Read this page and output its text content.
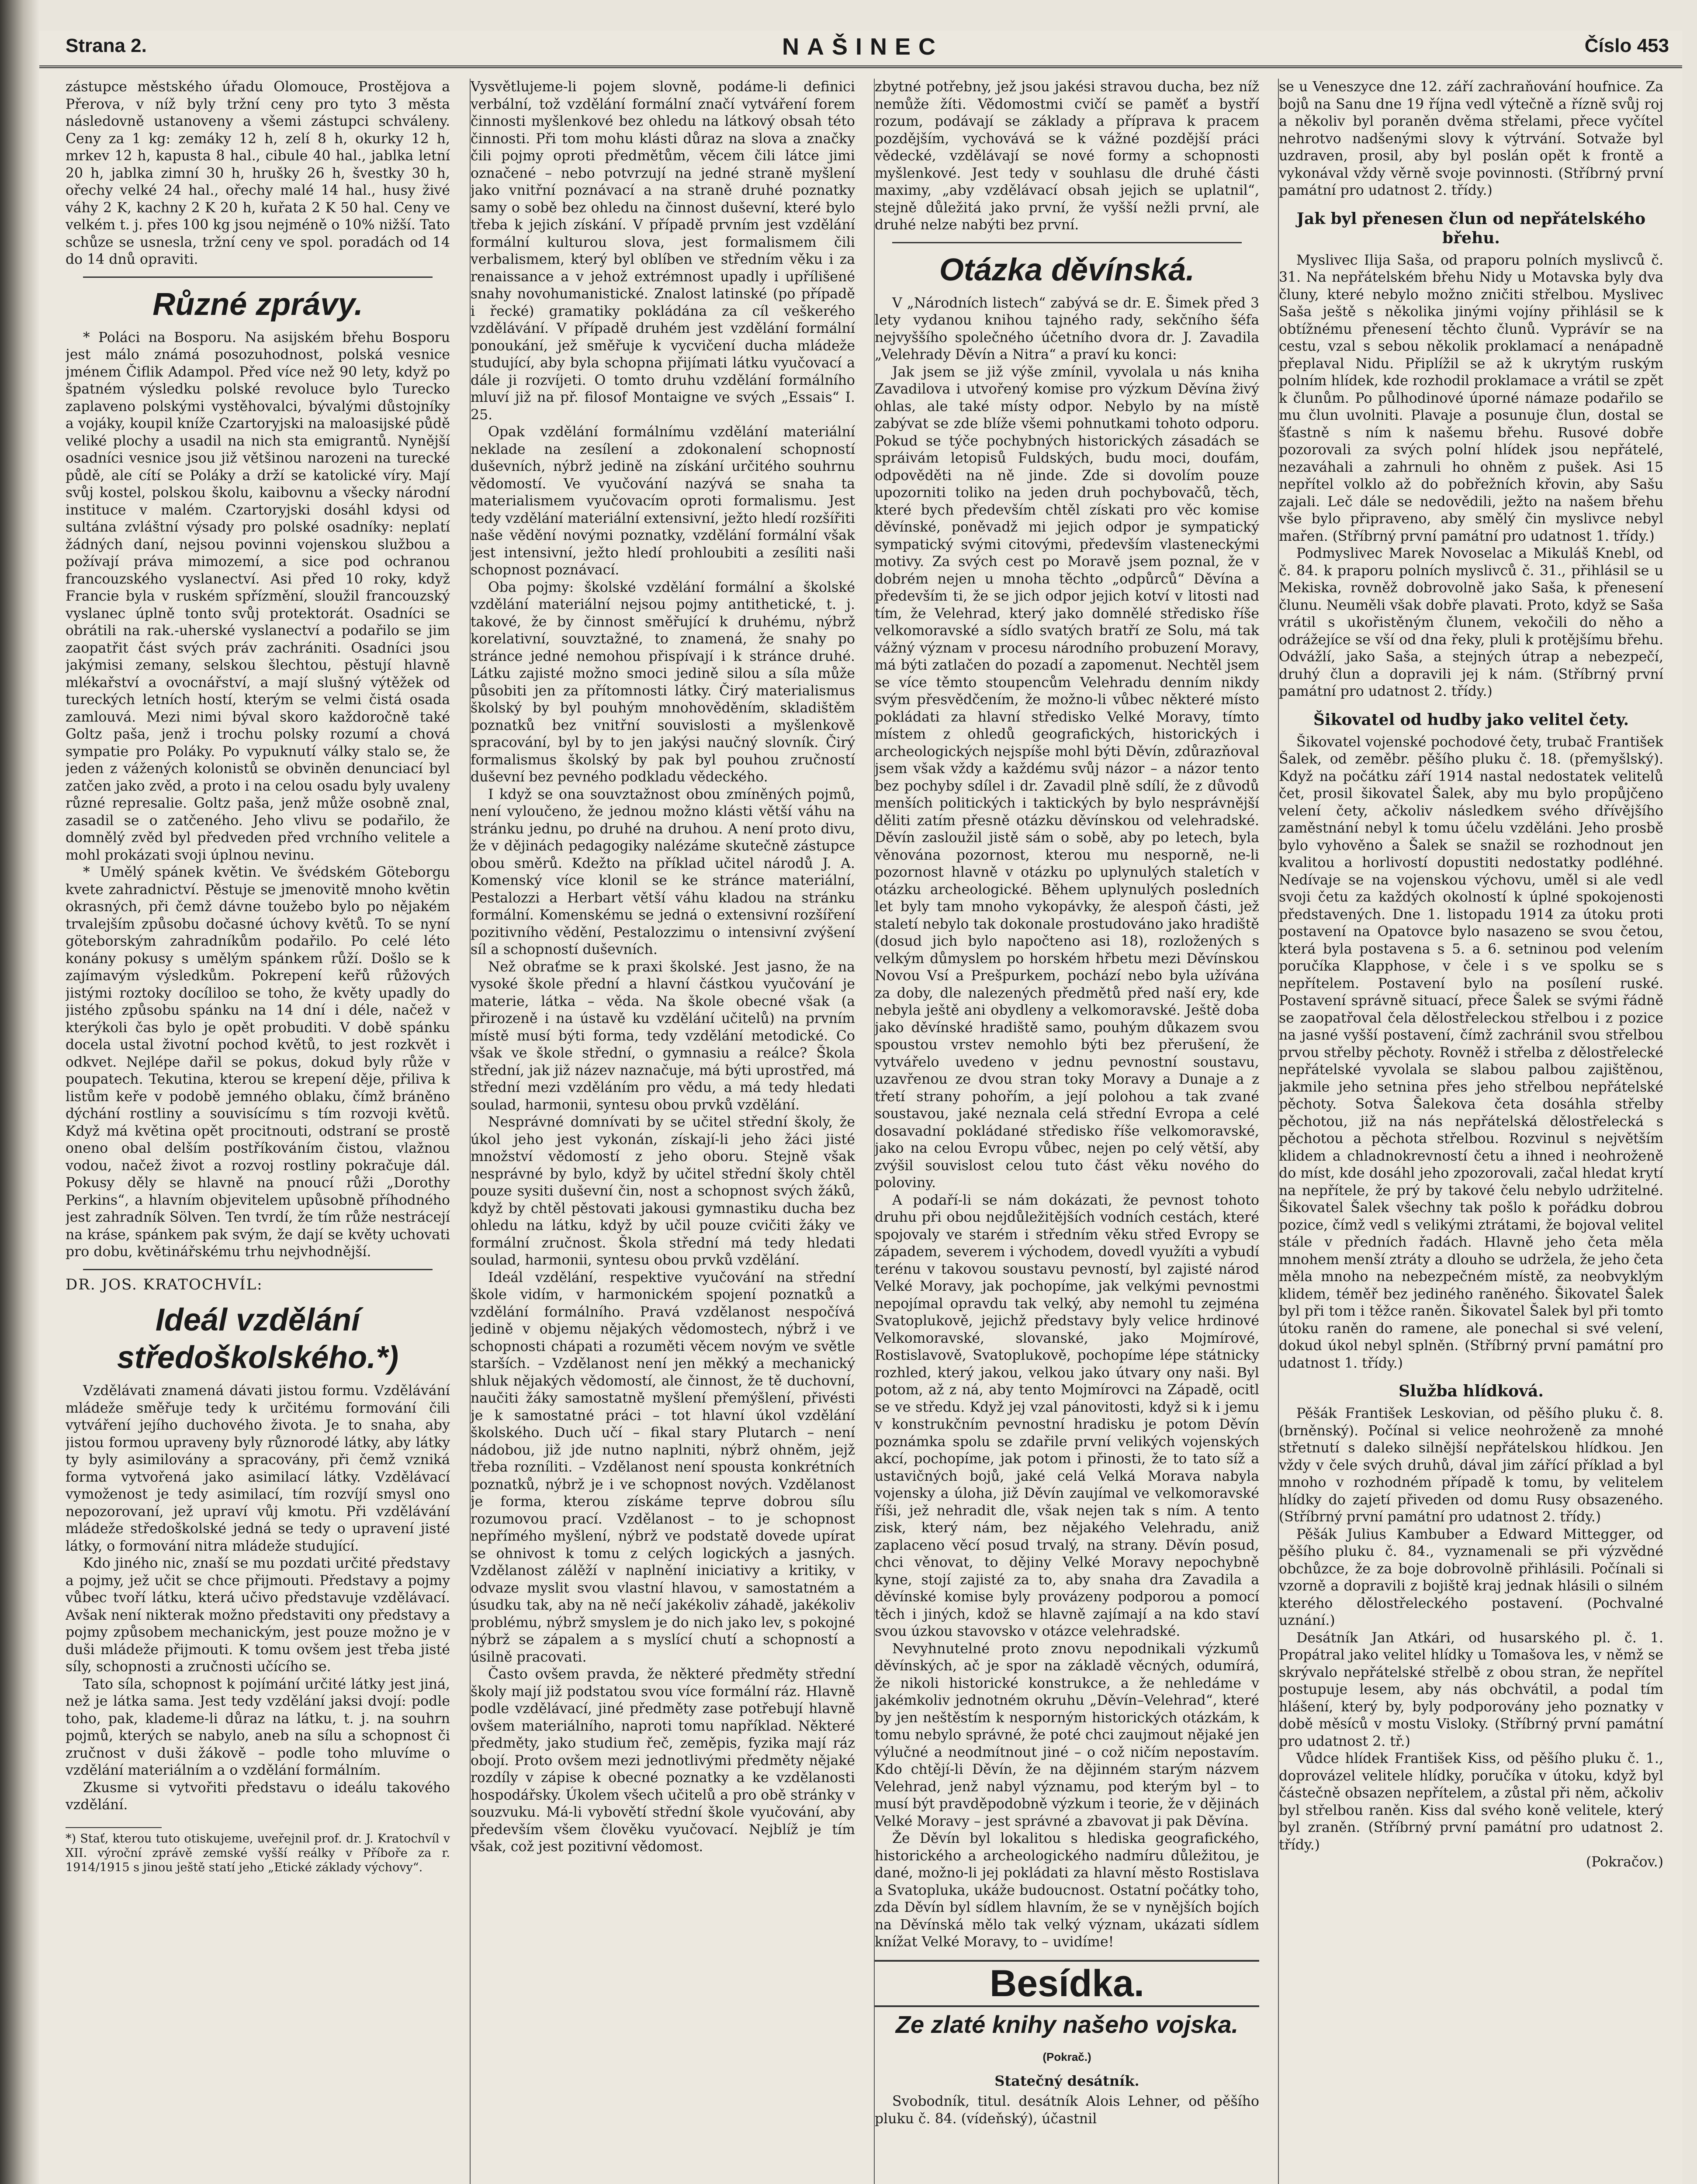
Strana 2.	NAŠINEC	Číslo 453

zástupce městského úřadu Olomouce, Prostějova a Přerova, v níž byly tržní ceny pro tyto 3 města následovně ustanoveny a všemi zástupci schváleny. Ceny za 1 kg: zemáky 12 h, zelí 8 h, okurky 12 h, mrkev 12 h, kapusta 8 hal., cibule 40 hal., jablka letní 20 h, jablka zimní 30 h, hrušky 26 h, švestky 30 h, ořechy velké 24 hal., ořechy malé 14 hal., husy živé váhy 2 K, kachny 2 K 20 h, kuřata 2 K 50 hal. Ceny ve velkém t. j. přes 100 kg jsou nejméně o 10% nižší. Tato schůze se usnesla, tržní ceny ve spol. poradách od 14 do 14 dnů opraviti.

Různé zprávy.

* Poláci na Bosporu. Na asijském břehu Bosporu jest málo známá posozuhodnost, polská vesnice jménem Čiflik Adampol. Před více než 90 lety, když po špatném výsledku polské revoluce bylo Turecko zaplaveno polskými vystěhovalci, bývalými důstojníky a vojáky, koupil kníže Czartoryjski na maloasijské půdě veliké plochy a usadil na nich sta emigrantů. Nynější osadníci vesnice jsou již většinou narozeni na turecké půdě, ale cítí se Poláky a drží se katolické víry. Mají svůj kostel, polskou školu, kaibovnu a všecky národní instituce v malém. Czartoryjski dosáhl kdysi od sultána zvláštní výsady pro polské osadníky: neplatí žádných daní, nejsou povinni vojenskou službou a požívají práva mimozemí, a sice pod ochranou francouzského vyslanectví. Asi před 10 roky, když Francie byla v ruském spřízmění, sloužil francouzský vyslanec úplně tonto svůj protektorát. Osadníci se obrátili na rak.-uherské vyslanectví a podařilo se jim zaopatřit část svých práv zachrániti. Osadníci jsou jakýmisi zemany, selskou šlechtou, pěstují hlavně mlékařství a ovocnářství, a mají slušný výtěžek od tureckých letních hostí, kterým se velmi čistá osada zamlouvá. Mezi nimi býval skoro každoročně také Goltz paša, jenž i trochu polsky rozumí a chová sympatie pro Poláky. Po vypuknutí války stalo se, že jeden z vážených kolonistů se obviněn denunciací byl zatčen jako zvěd, a proto i na celou osadu byly uvaleny různé represalie. Goltz paša, jenž může osobně znal, zasadil se o zatčeného. Jeho vlivu se podařilo, že domnělý zvěd byl předveden před vrchního velitele a mohl prokázati svoji úplnou nevinu.

* Umělý spánek květin. Ve švédském Göteborgu kvete zahradnictví. Pěstuje se jmenovitě mnoho květin okrasných, při čemž dávne toužebo bylo po nějakém trvalejším způsobu dočasné úchovy květů. To se nyní göteborským zahradníkům podařilo. Po celé léto konány pokusy s umělým spánkem růží. Došlo se k zajímavým výsledkům. Pokrepení keřů růžových jistými roztoky docíliloo se toho, že květy upadly do jistého způsobu spánku na 14 dní i déle, načež v kterýkoli čas bylo je opět probuditi. V době spánku docela ustal životní pochod květů, to jest rozkvět i odkvet. Nejlépe dařil se pokus, dokud byly růže v poupatech. Tekutina, kterou se krepení děje, přiliva k listům keře v podobě jemného oblaku, čímž bráněno dýchání rostliny a souvisícímu s tím rozvoji květů. Když má květina opět procitnouti, odstraní se prostě oneno obal delším postříkováním čistou, vlažnou vodou, načež život a rozvoj rostliny pokračuje dál. Pokusy děly se hlavně na pnoucí růži „Dorothy Perkins“, a hlavním objevitelem upůsobně příhodného jest zahradník Sölven. Ten tvrdí, že tím růže nestrácejí na kráse, spánkem pak svým, že dají se květy uchovati pro dobu, květinářskému trhu nejvhodnější.

DR. JOS. KRATOCHVÍL:
Ideál vzdělání středoškolského.*)

Vzdělávati znamená dávati jistou formu. Vzdělávání mládeže směřuje tedy k určitému formování čili vytváření jejího duchového života. Je to snaha, aby jistou formou upraveny byly různorodé látky, aby látky ty byly asimilovány a spracovány, při čemž vzniká forma vytvořená jako asimilací látky. Vzdělávací vymoženost je tedy asimilací, tím rozvíjí smysl ono nepozorovaní, jež upraví vůj kmotu. Při vzdělávání mládeže středoškolské jedná se tedy o upravení jisté látky, o formování nitra mládeže studující.

Kdo jiného nic, znaší se mu pozdati určité představy a pojmy, jež učit se chce přijmouti. Představy a pojmy vůbec tvoří látku, která učivo představuje vzdělávací. Avšak není nikterak možno představiti ony představy a pojmy způsobem mechanickým, jest pouze možno je v duši mládeže přijmouti. K tomu ovšem jest třeba jisté síly, schopnosti a zručnosti učícího se.

Tato síla, schopnost k pojímání určité látky jest jiná, než je látka sama. Jest tedy vzdělání jaksi dvojí: podle toho, pak, klademe-li důraz na látku, t. j. na souhrn pojmů, kterých se nabylo, aneb na sílu a schopnost či zručnost v duši žákově – podle toho mluvíme o vzdělání materiálním a o vzdělání formálním.

Zkusme si vytvořiti představu o ideálu takového vzdělání.

*) Stať, kterou tuto otiskujeme, uveřejnil prof. dr. J. Kratochvíl v XII. výroční zprávě zemské vyšší reálky v Příboře za r. 1914/1915 s jinou ještě statí jeho „Etické základy výchovy“.

Vysvětlujeme-li pojem slovně, podáme-li definici verbální, tož vzdělání formální značí vytváření forem činnosti myšlenkové bez ohledu na látkový obsah této činnosti. Při tom mohu klásti důraz na slova a značky čili pojmy oproti předmětům, věcem čili látce jimi označené – nebo potvrzují na jedné straně myšlení jako vnitřní poznávací a na straně druhé poznatky samy o sobě bez ohledu na činnost duševní, které bylo třeba k jejich získání. V případě prvním jest vzdělání formální kulturou slova, jest formalismem čili verbalismem, který byl oblíben ve středním věku i za renaissance a v jehož extrémnost upadly i upřílišené snahy novohumanistické. Znalost latinské (po případě i řecké) gramatiky pokládána za cíl veškerého vzdělávání. V případě druhém jest vzdělání formální ponoukání, jež směřuje k vycvičení ducha mládeže studující, aby byla schopna přijímati látku vyučovací a dále ji rozvíjeti. O tomto druhu vzdělání formálního mluví již na př. filosof Montaigne ve svých „Essais“ I. 25.

Opak vzdělání formálnímu vzdělání materiální neklade na zesílení a zdokonalení schopností duševních, nýbrž jedině na získání určitého souhrnu vědomostí. Ve vyučování nazývá se snaha ta materialismem vyučovacím oproti formalismu. Jest tedy vzdělání materiální extensivní, ježto hledí rozšířiti naše vědění novými poznatky, vzdělání formální však jest intensivní, ježto hledí prohloubiti a zesíliti naši schopnost poznávací.

Oba pojmy: školské vzdělání formální a školské vzdělání materiální nejsou pojmy antithetické, t. j. takové, že by činnost směřující k druhému, nýbrž korelativní, souvztažné, to znamená, že snahy po stránce jedné nemohou přispívají i k stránce druhé. Látku zajisté možno smoci jedině silou a síla může působiti jen za přítomnosti látky. Čirý materialismus školský by byl pouhým mnohověděním, skladištěm poznatků bez vnitřní souvislosti a myšlenkově spracování, byl by to jen jakýsi naučný slovník. Čirý formalismus školský by pak byl pouhou zručností duševní bez pevného podkladu vědeckého.

I když se ona souvztažnost obou zmíněných pojmů, není vyloučeno, že jednou možno klásti větší váhu na stránku jednu, po druhé na druhou. A není proto divu, že v dějinách pedagogiky nalézáme skutečně zástupce obou směrů. Kdežto na příklad učitel národů J. A. Komenský více klonil se ke stránce materiální, Pestalozzi a Herbart větší váhu kladou na stránku formální. Komenskému se jedná o extensivní rozšíření pozitivního vědění, Pestalozzimu o intensivní zvýšení síl a schopností duševních.

Než obraťme se k praxi školské. Jest jasno, že na vysoké škole přední a hlavní částkou vyučování je materie, látka – věda. Na škole obecné však (a přirozeně i na ústavě ku vzdělání učitelů) na prvním místě musí býti forma, tedy vzdělání metodické. Co však ve škole střední, o gymnasiu a reálce? Škola střední, jak již název naznačuje, má býti uprostřed, má střední mezi vzděláním pro vědu, a má tedy hledati soulad, harmonii, syntesu obou prvků vzdělání.

Nesprávné domnívati by se učitel střední školy, že úkol jeho jest vykonán, získají-li jeho žáci jisté množství vědomostí z jeho oboru. Stejně však nesprávné by bylo, když by učitel střední školy chtěl pouze sysiti duševní čin, nost a schopnost svých žáků, když by chtěl pěstovati jakousi gymnastiku ducha bez ohledu na látku, když by učil pouze cvičiti žáky ve formální zručnost. Škola střední má tedy hledati soulad, harmonii, syntesu obou prvků vzdělání.

Ideál vzdělání, respektive vyučování na střední škole vidím, v harmonickém spojení poznatků a vzdělání formálního. Pravá vzdělanost nespočívá jedině v objemu nějakých vědomostech, nýbrž i ve schopnosti chápati a rozuměti věcem novým ve světle starších. – Vzdělanost není jen měkký a mechanický shluk nějakých vědomostí, ale činnost, že tě duchovní, naučiti žáky samostatně myšlení přemýšlení, přivésti je k samostatné práci – tot hlavní úkol vzdělání školského. Duch učí – fikal stary Plutarch – není nádobou, již jde nutno naplniti, nýbrž ohněm, jejž třeba rozníliti. – Vzdělanost není spousta konkrétních poznatků, nýbrž je i ve schopnost nových. Vzdělanost je forma, kterou získáme teprve dobrou sílu rozumovou prací. Vzdělanost – to je schopnost nepřímého myšlení, nýbrž ve podstatě dovede upírat se ohnivost k tomu z celých logických a jasných. Vzdělanost zálěží v naplnění iniciativy a kritiky, v odvaze myslit svou vlastní hlavou, v samostatném a úsudku tak, aby na ně nečí jakékoliv záhadě, jakékoliv problému, nýbrž smyslem je do nich jako lev, s pokojné nýbrž se zápalem a s myslící chutí a schopností a úsilně pracovati.

Často ovšem pravda, že některé předměty střední školy mají již podstatou svou více formální ráz. Hlavně podle vzdělávací, jiné předměty zase potřebují hlavně ovšem materiálního, naproti tomu například. Některé předměty, jako studium řeč, zeměpis, fyzika mají ráz obojí. Proto ovšem mezi jednotlivými předměty nějaké rozdíly v zápise k obecné poznatky a ke vzdělanosti hospodářsky. Úkolem všech učitelů a pro obě stránky v souzvuku. Má-li vybovětí střední škole vyučování, aby především všem člověku vyučovací. Nejblíž je tím však, což jest pozitivní vědomost.

zbytné potřebny, jež jsou jakési stravou ducha, bez níž nemůže žíti. Vědomostmi cvičí se paměť a bystří rozum, podávají se základy a příprava k pracem pozdějším, vychovává se k vážné pozdější práci vědecké, vzdělávají se nové formy a schopnosti myšlenkové. Jest tedy v souhlasu dle druhé části maximy, „aby vzdělávací obsah jejich se uplatnil“, stejně důležitá jako první, že vyšší nežli první, ale druhé nelze nabýti bez první.

Otázka děvínská.

V „Národních listech“ zabývá se dr. E. Šimek před 3 lety vydanou knihou tajného rady, sekčního šéfa nejvyššího společného účetního dvora dr. J. Zavadila „Velehrady Děvín a Nitra“ a praví ku konci:

Jak jsem se již výše zmínil, vyvolala u nás kniha Zavadilova i utvořený komise pro výzkum Děvína živý ohlas, ale také místy odpor. Nebylo by na místě zabývat se zde blíže všemi pohnutkami tohoto odporu. Pokud se týče pochybných historických zásadách se spráivám letopisů Fuldských, budu moci, doufám, odpověděti na ně jinde. Zde si dovolím pouze upozorniti toliko na jeden druh pochybovačů, těch, které bych především chtěl získati pro věc komise děvínské, poněvadž mi jejich odpor je sympatický sympatický svými citovými, především vlasteneckými motivy. Za svých cest po Moravě jsem poznal, že v dobrém nejen u mnoha těchto „odpůrců“ Děvína a především ti, že se jich odpor jejich kotví v litosti nad tím, že Velehrad, který jako domnělé středisko říše velkomoravské a sídlo svatých bratří ze Solu, má tak vážný význam v procesu národního probuzení Moravy, má býti zatlačen do pozadí a zapomenut. Nechtěl jsem se více těmto stoupencům Velehradu denním nikdy svým přesvědčením, že možno-li vůbec některé místo pokládati za hlavní středisko Velké Moravy, tímto místem z ohledů geografických, historických i archeologických nejspíše mohl býti Děvín, zdůrazňoval jsem však vždy a každému svůj názor – a názor tento bez pochyby sdílel i dr. Zavadil plně sdílí, že z důvodů menších politických i taktických by bylo nesprávnější děliti zatím přesně otázku děvínskou od velehradské. Děvín zasloužil jistě sám o sobě, aby po letech, byla věnována pozornost, kterou mu nesporně, ne-li pozornost hlavně v otázku po uplynulých staletích v otázku archeologické. Během uplynulých posledních let byly tam mnoho vykopávky, že alespoň části, jež staletí nebylo tak dokonale prostudováno jako hradiště (dosud jich bylo napočteno asi 18), rozložených s velkým důmyslem po horském hřbetu mezi Děvínskou Novou Vsí a Prešpurkem, pochází nebo byla užívána za doby, dle nalezených předmětů před naší ery, kde nebyla ještě ani obydleny a velkomoravské. Ještě doba jako děvínské hradiště samo, pouhým důkazem svou spoustou vrstev nemohlo býti bez přerušení, že vytvářelo uvedeno v jednu pevnostní soustavu, uzavřenou ze dvou stran toky Moravy a Dunaje a z třetí strany pohořím, a její polohou a tak zvané soustavou, jaké neznala celá střední Evropa a celé dosavadní pokládané středisko říše velkomoravské, jako na celou Evropu vůbec, nejen po celý větší, aby zvýšil souvislost celou tuto část věku nového do poloviny.

A podaří-li se nám dokázati, že pevnost tohoto druhu při obou nejdůležitějších vodních cestách, které spojovaly ve starém i středním věku střed Evropy se západem, severem i východem, dovedl využíti a vybudí terénu v takovou soustavu pevností, byl zajisté národ Velké Moravy, jak pochopíme, jak velkými pevnostmi nepojímal opravdu tak velký, aby nemohl tu zejména Svatoplukově, jejichž představy byly velice hrdinové Velkomoravské, slovanské, jako Mojmírové, Rostislavově, Svatoplukově, pochopíme lépe státnicky rozhled, který jakou, velkou jako útvary ony naši. Byl potom, až z ná, aby tento Mojmírovci na Západě, ocitl se ve středu. Když jej vzal pánovitosti, když si k i jemu v konstrukčním pevnostní hradisku je potom Děvín poznámka spolu se zdařile první velikých vojenských akcí, pochopíme, jak potom i přinosti, že to tato síž a ustavičných bojů, jaké celá Velká Morava nabyla vojensky a úloha, již Děvín zaujímal ve velkomoravské říši, jež nehradit dle, však nejen tak s ním. A tento zisk, který nám, bez nějakého Velehradu, aniž zaplaceno věcí posud trvalý, na strany. Děvín posud, chci věnovat, to dějiny Velké Moravy nepochybně kyne, stojí zajisté za to, aby snaha dra Zavadila a děvínské komise byly provázeny podporou a pomocí těch i jiných, kdož se hlavně zajímají a na kdo staví svou úzkou stavovsko v otázce velehradské.

Nevyhnutelné proto znovu nepodnikali výzkumů děvínských, ač je spor na základě věcných, odumírá, že nikoli historické konstrukce, a že nehledáme v jakémkoliv jednotném okruhu „Děvín–Velehrad“, které by jen neštěstím k nesporným historických otázkám, k tomu nebylo správné, že poté chci zaujmout nějaké jen výlučné a neodmítnout jiné – o což ničím nepostavím. Kdo chtějí-li Děvín, že na dějinném starým názvem Velehrad, jenž nabyl významu, pod kterým byl – to musí být pravděpodobně výzkum i teorie, že v dějinách Velké Moravy – jest správné a zbavovat ji pak Děvína.

Že Děvín byl lokalitou s hlediska geografického, historického a archeologického nadmíru důležitou, je dané, možno-li jej pokládati za hlavní město Rostislava a Svatopluka, ukáže budoucnost. Ostatní počátky toho, zda Děvín byl sídlem hlavním, že se v nynějších bojích na Děvínská mělo tak velký význam, ukázati sídlem knížat Velké Moravy, to – uvidíme!

Besídka.
Ze zlaté knihy našeho vojska. (Pokrač.)
Statečný desátník.

Svobodník, titul. desátník Alois Lehner, od pěšího pluku č. 84. (vídeňský), účastnil

se u Veneszyce dne 12. září zachraňování houfnice. Za bojů na Sanu dne 19 října vedl výtečně a řízně svůj roj a několiv byl poraněn dvěma střelami, přece vyčítel nehrotvo nadšenými slovy k výtrvání. Sotvaže byl uzdraven, prosil, aby byl poslán opět k frontě a vykonával vždy věrně svoje povinnosti. (Stříbrný první památní pro udatnost 2. třídy.)

Jak byl přenesen člun od nepřátelského břehu.

Myslivec Ilija Saša, od praporu polních myslivců č. 31. Na nepřátelském břehu Nidy u Motavska byly dva čluny, které nebylo možno zničiti střelbou. Myslivec Saša ještě s několika jinými vojíny přihlásil se k obtížnému přenesení těchto člunů. Vyprávír se na cestu, vzal s sebou několik proklamací a nenápadně přeplaval Nidu. Připlížil se až k ukrytým ruským polním hlídek, kde rozhodil proklamace a vrátil se zpět k člunům. Po půlhodinové úporné námaze podařilo se mu člun uvolniti. Plavaje a posunuje člun, dostal se šťastně s ním k našemu břehu. Rusové dobře pozorovali za svých polní hlídek jsou nepřátelé, nezaváhali a zahrnuli ho ohněm z pušek. Asi 15 nepřítel volklo až do pobřežních křovin, aby Sašu zajali. Leč dále se nedovědili, ježto na našem břehu vše bylo připraveno, aby smělý čin myslivce nebyl mařen. (Stříbrný první památní pro udatnost 1. třídy.)

Podmyslivec Marek Novoselac a Mikuláš Knebl, od č. 84. k praporu polních myslivců č. 31., přihlásil se u Mekiska, rovněž dobrovolně jako Saša, k přenesení člunu. Neuměli však dobře plavati. Proto, když se Saša vrátil s ukořistěným člunem, vekočili do něho a odrážejíce se vší od dna řeky, pluli k protějšímu břehu. Odvážlí, jako Saša, a stejných útrap a nebezpečí, druhý člun a dopravili jej k nám. (Stříbrný první památní pro udatnost 2. třídy.)

Šikovatel od hudby jako velitel čety.

Šikovatel vojenské pochodové čety, trubač František Šalek, od zeměbr. pěšího pluku č. 18. (přemyšlský). Když na počátku září 1914 nastal nedostatek velitelů čet, prosil šikovatel Šalek, aby mu bylo propůjčeno velení čety, ačkoliv následkem svého dřívějšího zaměstnání nebyl k tomu účelu vzděláni. Jeho prosbě bylo vyhověno a Šalek se snažil se rozhodnout jen kvalitou a horlivostí dopustiti nedostatky podléhné. Nedívaje se na vojenskou výchovu, uměl si ale vedl svoji četu za každých okolností k úplné spokojenosti představených. Dne 1. listopadu 1914 za útoku proti postavení na Opatovce bylo nasazeno se svou četou, která byla postavena s 5. a 6. setninou pod velením poručíka Klapphose, v čele i s ve spolku se s nepřítelem. Postavení bylo na posílení ruské. Postavení správně situací, přece Šalek se svými řádně se zaopatřoval čela dělostřeleckou střelbou i z pozice na jasné vyšší postavení, čímž zachránil svou střelbou prvou střelby pěchoty. Rovněž i střelba z dělostřelecké nepřátelské vyvolala se slabou palbou zajištěnou, jakmile jeho setnina přes jeho střelbou nepřátelské pěchoty. Sotva Šalekova četa dosáhla střelby pěchotou, již na nás nepřátelská dělostřelecká s pěchotou a pěchota střelbou. Rozvinul s největším klidem a chladnokrevností četu a ihned i neohroženě do míst, kde dosáhl jeho zpozorovali, začal hledat krytí na nepřítele, že prý by takové čelu nebylo udržitelné. Šikovatel Šalek všechny tak pošlo k pořádku dobrou pozice, čímž vedl s velikými ztrátami, že bojoval velitel stále v předních řadách. Hlavně jeho četa měla mnohem menší ztráty a dlouho se udržela, že jeho četa měla mnoho na nebezpečném místě, za neobvyklým klidem, téměř bez jediného raněného. Šikovatel Šalek byl při tom i těžce raněn. Šikovatel Šalek byl při tomto útoku raněn do ramene, ale ponechal si své velení, dokud úkol nebyl splněn. (Stříbrný první památní pro udatnost 1. třídy.)

Služba hlídková.

Pěšák František Leskovian, od pěšího pluku č. 8. (brněnský). Počínal si velice neohroženě za mnohé střetnutí s daleko silnější nepřátelskou hlídkou. Jen vždy v čele svých druhů, dával jim zářící příklad a byl mnoho v rozhodném případě k tomu, by velitelem hlídky do zajetí přiveden od domu Rusy obsazeného. (Stříbrný první památní pro udatnost 2. třídy.)

Pěšák Julius Kambuber a Edward Mittegger, od pěšího pluku č. 84., vyznamenali se při výzvědné obchůzce, že za boje dobrovolně přihlásili. Počínali si vzorně a dopravili z bojiště kraj jednak hlásili o silném kterého dělostřeleckého postavení. (Pochvalné uznání.)

Desátník Jan Atkári, od husarského pl. č. 1. Propátral jako velitel hlídky u Tomašova les, v němž se skrývalo nepřátelské střelbě z obou stran, že nepřítel postupuje lesem, aby nás obchvátil, a podal tím hlášení, který by, byly podporovány jeho poznatky v době měsíců v mostu Visloky. (Stříbrný první památní pro udatnost 2. tř.)

Vůdce hlídek František Kiss, od pěšího pluku č. 1., doprovázel velitele hlídky, poručíka v útoku, když byl částečně obsazen nepřítelem, a zůstal při něm, ačkoliv byl střelbou raněn. Kiss dal svého koně velitele, který byl zraněn. (Stříbrný první památní pro udatnost 2. třídy.)

(Pokračov.)
